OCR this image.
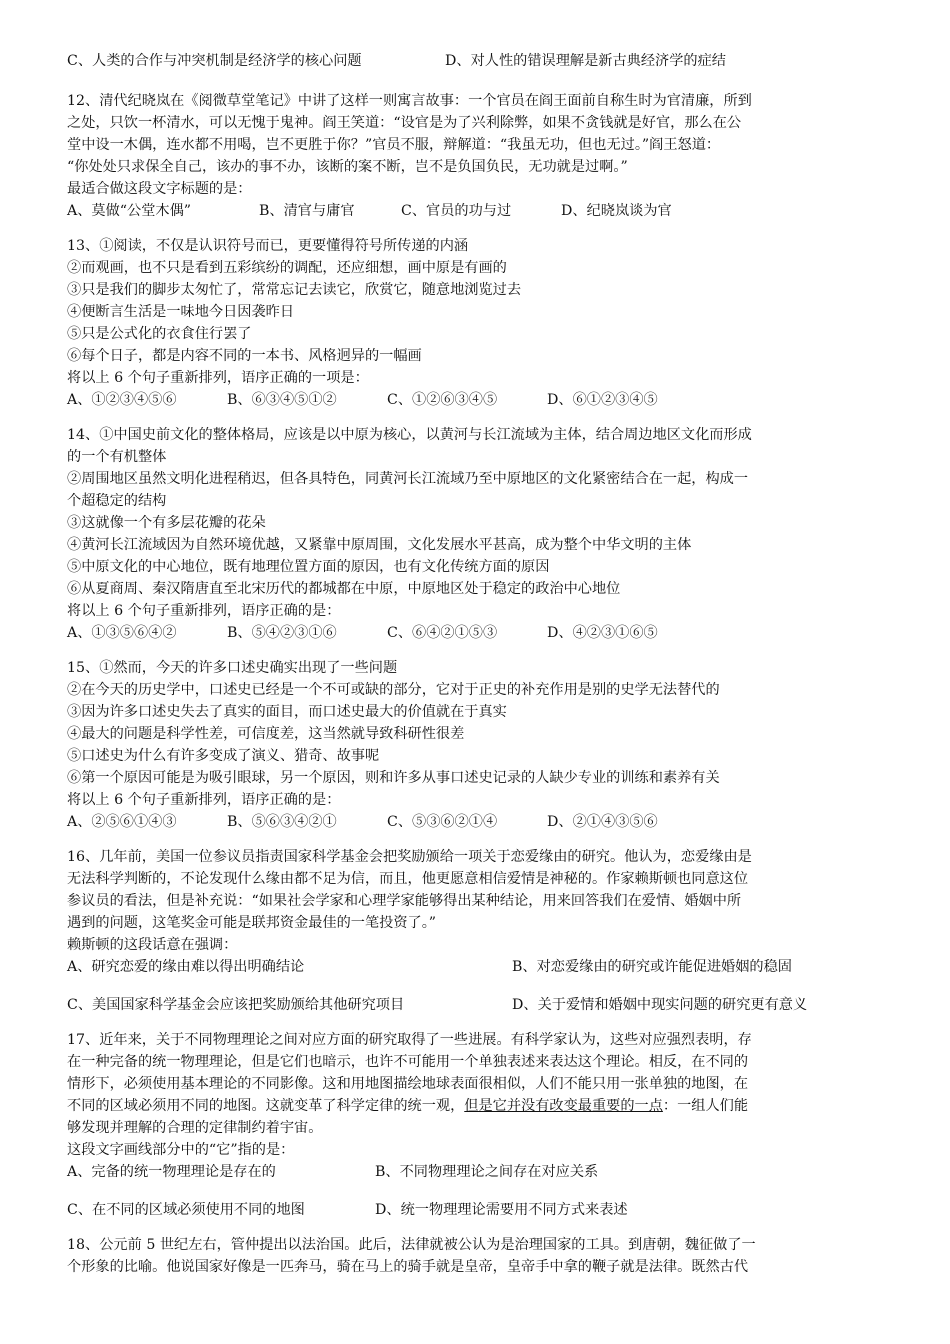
C、人类的合作与冲突机制是经济学的核心问题	D、对人性的错误理解是新古典经济学的症结

12、清代纪晓岚在《阅微草堂笔记》中讲了这样一则寓言故事：一个官员在阎王面前自称生时为官清廉，所到

之处，只饮一杯清水，可以无愧于鬼神。阎王笑道：“设官是为了兴利除弊，如果不贪钱就是好官，那么在公

堂中设一木偶，连水都不用喝，岂不更胜于你？”官员不服，辩解道：“我虽无功，但也无过。”阎王怒道：

“你处处只求保全自己，该办的事不办，该断的案不断，岂不是负国负民，无功就是过啊。”

最适合做这段文字标题的是：

A、莫做“公堂木偶”	B、清官与庸官	C、官员的功与过	D、纪晓岚谈为官

13、①阅读，不仅是认识符号而已，更要懂得符号所传递的内涵

②而观画，也不只是看到五彩缤纷的调配，还应细想，画中原是有画的

③只是我们的脚步太匆忙了，常常忘记去读它，欣赏它，随意地浏览过去

④便断言生活是一味地今日因袭昨日

⑤只是公式化的衣食住行罢了

⑥每个日子，都是内容不同的一本书、风格迥异的一幅画

将以上 6 个句子重新排列，语序正确的一项是：

A、①②③④⑤⑥	B、⑥③④⑤①②	C、①②⑥③④⑤	D、⑥①②③④⑤

14、①中国史前文化的整体格局，应该是以中原为核心，以黄河与长江流域为主体，结合周边地区文化而形成

的一个有机整体

②周围地区虽然文明化进程稍迟，但各具特色，同黄河长江流域乃至中原地区的文化紧密结合在一起，构成一

个超稳定的结构

③这就像一个有多层花瓣的花朵

④黄河长江流域因为自然环境优越，又紧靠中原周围，文化发展水平甚高，成为整个中华文明的主体

⑤中原文化的中心地位，既有地理位置方面的原因，也有文化传统方面的原因

⑥从夏商周、秦汉隋唐直至北宋历代的都城都在中原，中原地区处于稳定的政治中心地位

将以上 6 个句子重新排列，语序正确的是：

A、①③⑤⑥④②	B、⑤④②③①⑥	C、⑥④②①⑤③	D、④②③①⑥⑤

15、①然而，今天的许多口述史确实出现了一些问题

②在今天的历史学中，口述史已经是一个不可或缺的部分，它对于正史的补充作用是别的史学无法替代的

③因为许多口述史失去了真实的面目，而口述史最大的价值就在于真实

④最大的问题是科学性差，可信度差，这当然就导致科研性很差

⑤口述史为什么有许多变成了演义、猎奇、故事呢

⑥第一个原因可能是为吸引眼球，另一个原因，则和许多从事口述史记录的人缺少专业的训练和素养有关

将以上 6 个句子重新排列，语序正确的是：

A、②⑤⑥①④③	B、⑤⑥③④②①	C、⑤③⑥②①④	D、②①④③⑤⑥

16、几年前，美国一位参议员指责国家科学基金会把奖励颁给一项关于恋爱缘由的研究。他认为，恋爱缘由是

无法科学判断的，不论发现什么缘由都不足为信，而且，他更愿意相信爱情是神秘的。作家赖斯顿也同意这位

参议员的看法，但是补充说：“如果社会学家和心理学家能够得出某种结论，用来回答我们在爱情、婚姻中所

遇到的问题，这笔奖金可能是联邦资金最佳的一笔投资了。”

赖斯顿的这段话意在强调：

A、研究恋爱的缘由难以得出明确结论	B、对恋爱缘由的研究或许能促进婚姻的稳固
C、美国国家科学基金会应该把奖励颁给其他研究项目	D、关于爱情和婚姻中现实问题的研究更有意义

17、近年来，关于不同物理理论之间对应方面的研究取得了一些进展。有科学家认为，这些对应强烈表明，存

在一种完备的统一物理理论，但是它们也暗示，也许不可能用一个单独表述来表达这个理论。相反，在不同的

情形下，必须使用基本理论的不同影像。这和用地图描绘地球表面很相似，人们不能只用一张单独的地图，在

不同的区域必须用不同的地图。这就变革了科学定律的统一观，但是它并没有改变最重要的一点：一组人们能

够发现并理解的合理的定律制约着宇宙。

这段文字画线部分中的“它”指的是：

A、完备的统一物理理论是存在的	B、不同物理理论之间存在对应关系
C、在不同的区域必须使用不同的地图	D、统一物理理论需要用不同方式来表述

18、公元前 5 世纪左右，管仲提出以法治国。此后，法律就被公认为是治理国家的工具。到唐朝，魏征做了一

个形象的比喻。他说国家好像是一匹奔马，骑在马上的骑手就是皇帝，皇帝手中拿的鞭子就是法律。既然古代
